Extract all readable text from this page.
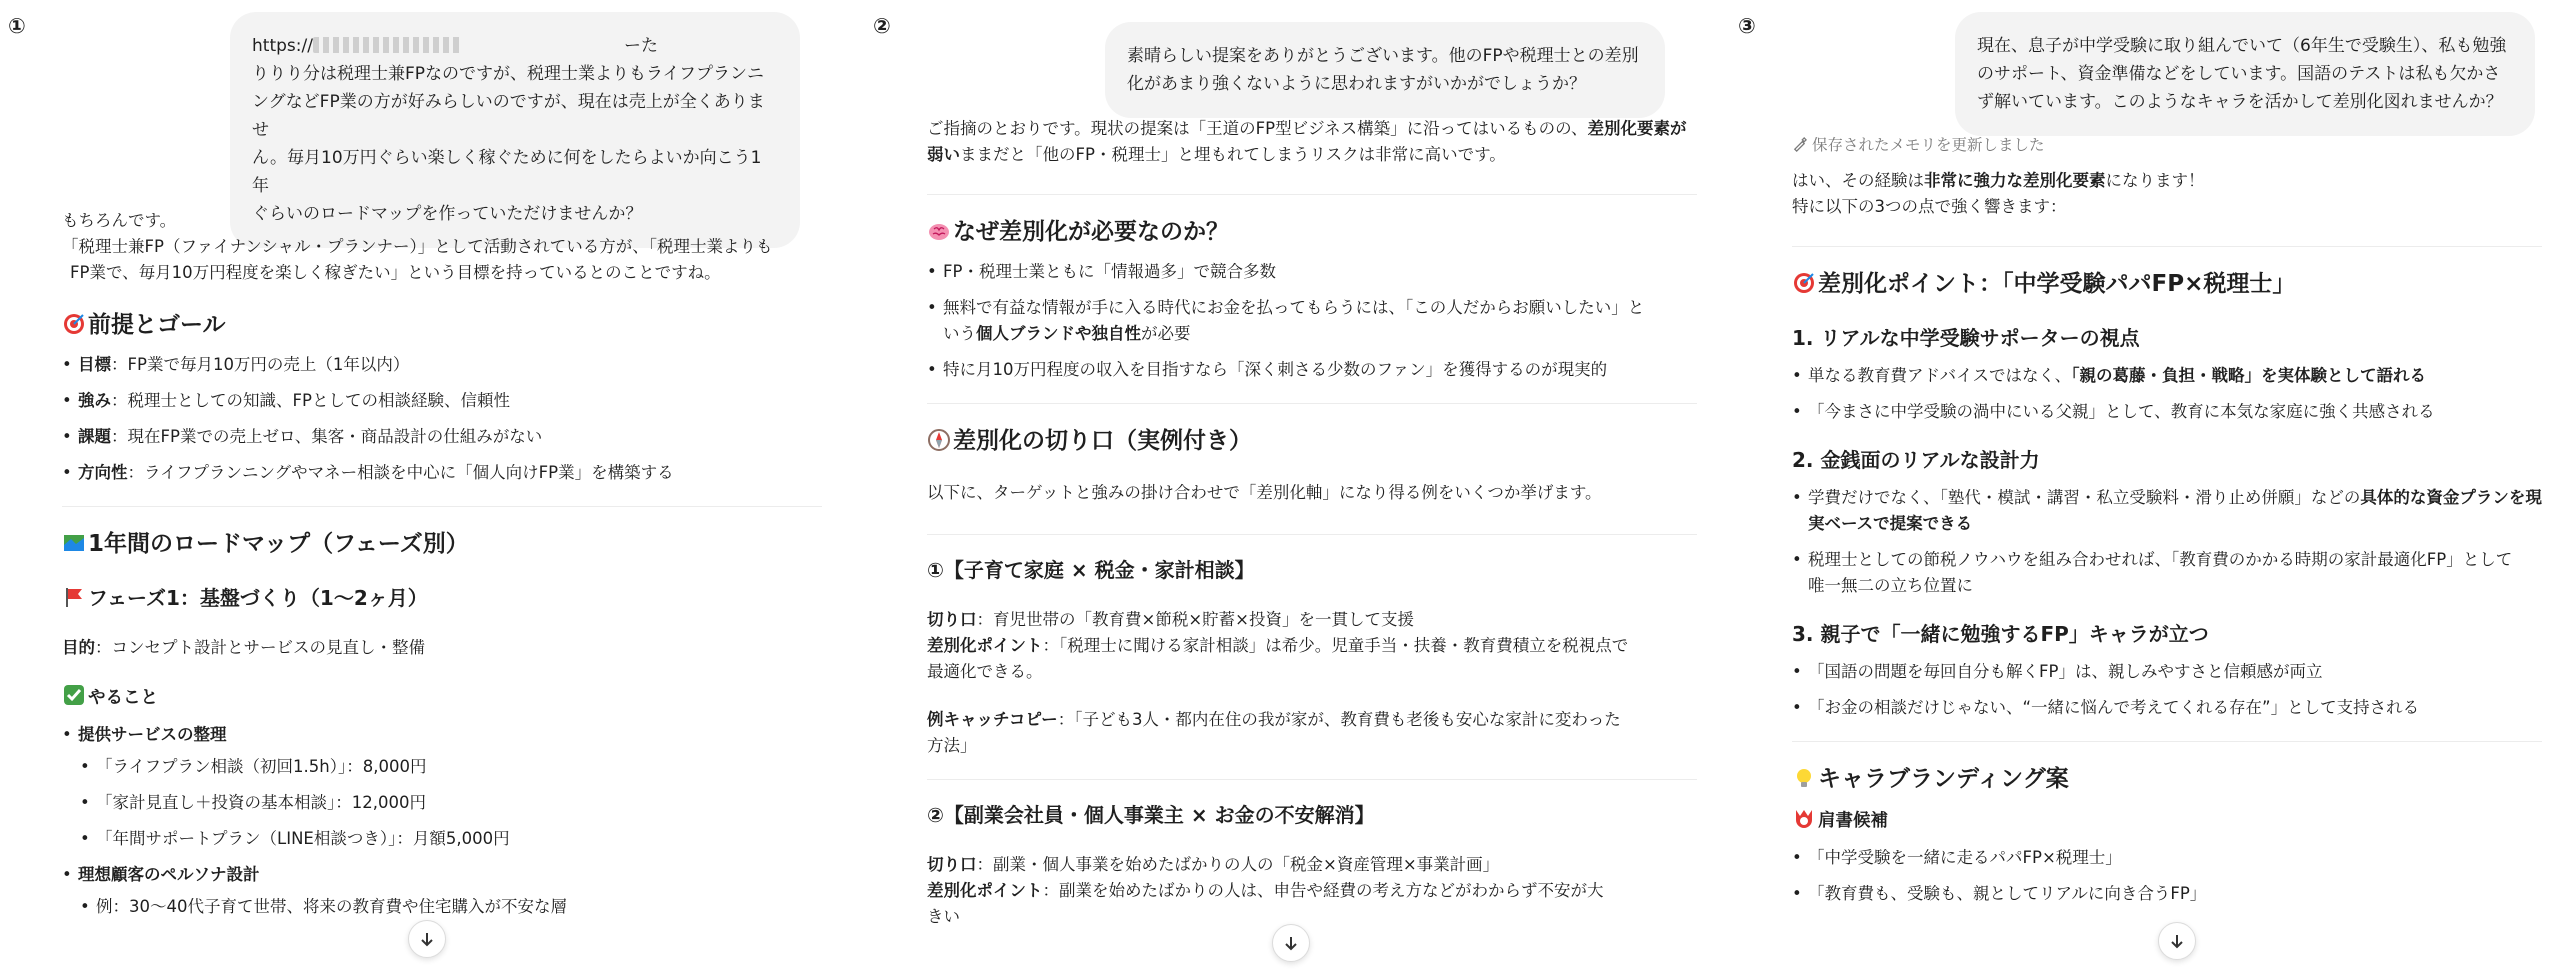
①

https://	ーた

りりり分は税理士兼FPなのですが、税理士業よりもライフプランニ

ングなどFP業の方が好みらしいのですが、現在は売上が全くありませ

ん。毎月10万円ぐらい楽しく稼ぐために何をしたらよいか向こう1年

ぐらいのロードマップを作っていただけませんか？

もちろんです。

「税理士兼FP（ファイナンシャル・プランナー）」として活動されている方が、「税理士業よりも

FP業で、毎月10万円程度を楽しく稼ぎたい」という目標を持っているとのことですね。

前提とゴール
• 目標：FP業で毎月10万円の売上（1年以内）
• 強み：税理士としての知識、FPとしての相談経験、信頼性
• 課題：現在FP業での売上ゼロ、集客・商品設計の仕組みがない
• 方向性：ライフプランニングやマネー相談を中心に「個人向けFP業」を構築する
1年間のロードマップ（フェーズ別）
フェーズ1：基盤づくり（1〜2ヶ月）

目的：コンセプト設計とサービスの見直し・整備

やること
• 提供サービスの整理
• 「ライフプラン相談（初回1.5h）」：8,000円
• 「家計見直し＋投資の基本相談」：12,000円
• 「年間サポートプラン（LINE相談つき）」：月額5,000円
• 理想顧客のペルソナ設計
• 例：30〜40代子育て世帯、将来の教育費や住宅購入が不安な層
②

素晴らしい提案をありがとうございます。他のFPや税理士との差別

化があまり強くないように思われますがいかがでしょうか？

ご指摘のとおりです。現状の提案は「王道のFP型ビジネス構築」に沿ってはいるものの、差別化要素が弱いままだと「他のFP・税理士」と埋もれてしまうリスクは非常に高いです。

なぜ差別化が必要なのか？
• FP・税理士業ともに「情報過多」で競合多数
• 無料で有益な情報が手に入る時代にお金を払ってもらうには、「この人だからお願いしたい」と
いう個人ブランドや独自性が必要
• 特に月10万円程度の収入を目指すなら「深く刺さる少数のファン」を獲得するのが現実的
差別化の切り口（実例付き）

以下に、ターゲットと強みの掛け合わせで「差別化軸」になり得る例をいくつか挙げます。

①【子育て家庭 × 税金・家計相談】

切り口：育児世帯の「教育費×節税×貯蓄×投資」を一貫して支援

差別化ポイント：「税理士に聞ける家計相談」は希少。児童手当・扶養・教育費積立を税視点で

最適化できる。

例キャッチコピー：「子ども3人・都内在住の我が家が、教育費も老後も安心な家計に変わった

方法」

②【副業会社員・個人事業主 × お金の不安解消】

切り口：副業・個人事業を始めたばかりの人の「税金×資産管理×事業計画」

差別化ポイント：副業を始めたばかりの人は、申告や経費の考え方などがわからず不安が大

きい

③

現在、息子が中学受験に取り組んでいて（6年生で受験生）、私も勉強

のサポート、資金準備などをしています。国語のテストは私も欠かさ

ず解いています。このようなキャラを活かして差別化図れませんか？

保存されたメモリを更新しました

はい、その経験は非常に強力な差別化要素になります！

特に以下の3つの点で強く響きます：

差別化ポイント：「中学受験パパFP×税理士」
1. リアルな中学受験サポーターの視点
• 単なる教育費アドバイスではなく、「親の葛藤・負担・戦略」を実体験として語れる
• 「今まさに中学受験の渦中にいる父親」として、教育に本気な家庭に強く共感される
2. 金銭面のリアルな設計力
• 学費だけでなく、「塾代・模試・講習・私立受験料・滑り止め併願」などの具体的な資金プランを現実ベースで提案できる
• 税理士としての節税ノウハウを組み合わせれば、「教育費のかかる時期の家計最適化FP」として
唯一無二の立ち位置に
3. 親子で「一緒に勉強するFP」キャラが立つ
• 「国語の問題を毎回自分も解くFP」は、親しみやすさと信頼感が両立
• 「お金の相談だけじゃない、“一緒に悩んで考えてくれる存在”」として支持される
キャラブランディング案
肩書候補
• 「中学受験を一緒に走るパパFP×税理士」
• 「教育費も、受験も、親としてリアルに向き合うFP」
